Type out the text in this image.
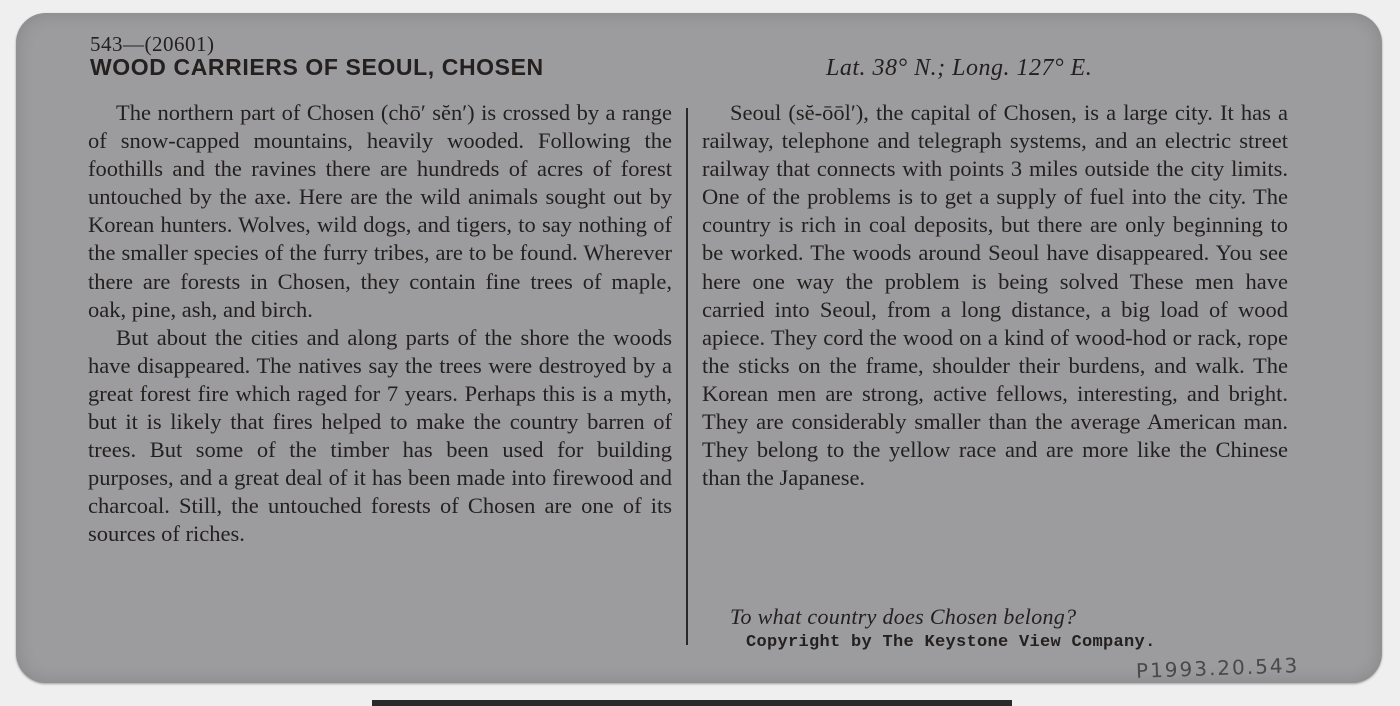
543—(20601)
WOOD CARRIERS OF SEOUL, CHOSEN	Lat. 38° N.; Long. 127° E.

The northern part of Chosen (chō′ sĕn′) is crossed by a range of snow-capped mountains, heavily wooded. Following the foothills and the ravines there are hundreds of acres of forest untouched by the axe. Here are the wild animals sought out by Korean hunters. Wolves, wild dogs, and tigers, to say nothing of the smaller species of the furry tribes, are to be found. Wherever there are forests in Chosen, they contain fine trees of maple, oak, pine, ash, and birch.

But about the cities and along parts of the shore the woods have disappeared. The natives say the trees were destroyed by a great forest fire which raged for 7 years. Perhaps this is a myth, but it is likely that fires helped to make the country barren of trees. But some of the timber has been used for building purposes, and a great deal of it has been made into firewood and charcoal. Still, the untouched forests of Chosen are one of its sources of riches.

Seoul (sĕ-ōōl′), the capital of Chosen, is a large city. It has a railway, telephone and telegraph systems, and an electric street railway that connects with points 3 miles outside the city limits. One of the problems is to get a supply of fuel into the city. The country is rich in coal deposits, but there are only beginning to be worked. The woods around Seoul have disappeared. You see here one way the problem is being solved These men have carried into Seoul, from a long distance, a big load of wood apiece. They cord the wood on a kind of wood-hod or rack, rope the sticks on the frame, shoulder their burdens, and walk. The Korean men are strong, active fellows, interesting, and bright. They are considerably smaller than the average American man. They belong to the yellow race and are more like the Chinese than the Japanese.

To what country does Chosen belong?
Copyright by The Keystone View Company.
P1993.20.543
